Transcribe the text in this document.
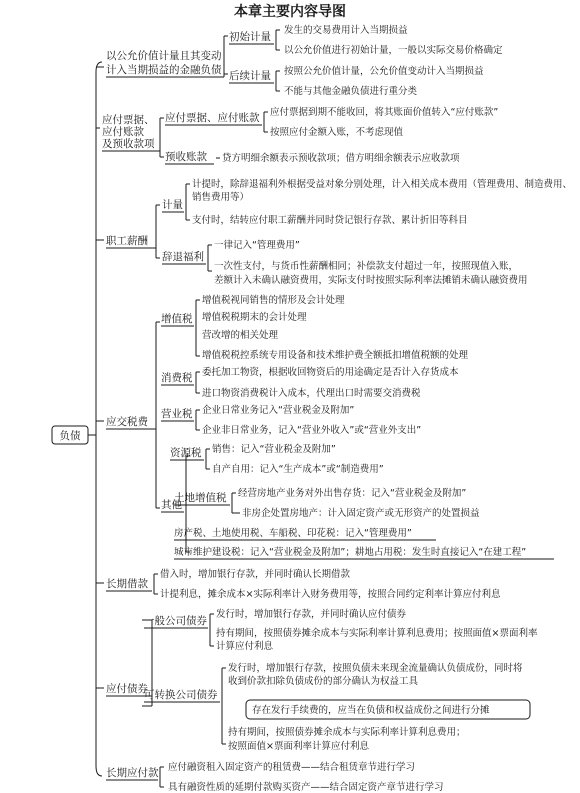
本章主要内容导图
负债
以公允价值计量且其变动
计入当期损益的金融负债
初始计量
发生的交易费用计入当期损益
以公允价值进行初始计量，一般以实际交易价格确定
后续计量 按照公允价值计量，公允价值变动计入当期损益
不能与其他金融负债进行重分类
应付票据、
应付账款
及预收款项
应付票据、应付账款 应付票据到期不能收回，将其账面价值转入“应付账款”
按照应付金额入账，不考虑现值
预收账款 贷方明细余额表示预收款项；借方明细余额表示应收款项
职工薪酬
计量
计提时，除辞退福利外根据受益对象分别处理，计入相关成本费用（管理费用、制造费用、
销售费用等）
支付时，结转应付职工薪酬并同时贷记银行存款、累计折旧等科目
辞退福利
一律记入“管理费用”
一次性支付，与货币性薪酬相同；补偿款支付超过一年，按照现值入账，
差额计入未确认融资费用，实际支付时按照实际利率法摊销未确认融资费用
应交税费
增值税
增值税视同销售的情形及会计处理
增值税税期末的会计处理
营改增的相关处理
增值税税控系统专用设备和技术维护费全额抵扣增值税额的处理
消费税 委托加工物资，根据收回物资后的用途确定是否计入存货成本
进口物资消费税计入成本，代理出口时需要交消费税
营业税 企业日常业务记入“营业税金及附加”
企业非日常业务，记入“营业外收入”或“营业外支出”
其他
资源税 销售：记入“营业税金及附加”
自产自用：记入“生产成本”或“制造费用”
土地增值税 经营房地产业务对外出售存货：记入“营业税金及附加”
非房企处置房地产：计入固定资产或无形资产的处置损益
房产税、土地使用税、车船税、印花税：记入“管理费用”
城市维护建设税：记入“营业税金及附加”；耕地占用税：发生时直接记入“在建工程”
长期借款
借入时，增加银行存款，并同时确认长期借款
计提利息，摊余成本×实际利率计入财务费用等，按照合同约定利率计算应付利息
应付债券
一般公司债券
发行时，增加银行存款，并同时确认应付债券
持有期间，按照债券摊余成本与实际利率计算利息费用；按照面值×票面利率
计算应付利息
可转换公司债券
发行时，增加银行存款，按照负债未来现金流量确认负债成份，同时将
收到价款扣除负债成份的部分确认为权益工具
存在发行手续费的，应当在负债和权益成份之间进行分摊
持有期间，按照债券摊余成本与实际利率计算利息费用；
按照面值×票面利率计算应付利息
长期应付款 应付融资租入固定资产的租赁费——结合租赁章节进行学习
具有融资性质的延期付款购买资产——结合固定资产章节进行学习
